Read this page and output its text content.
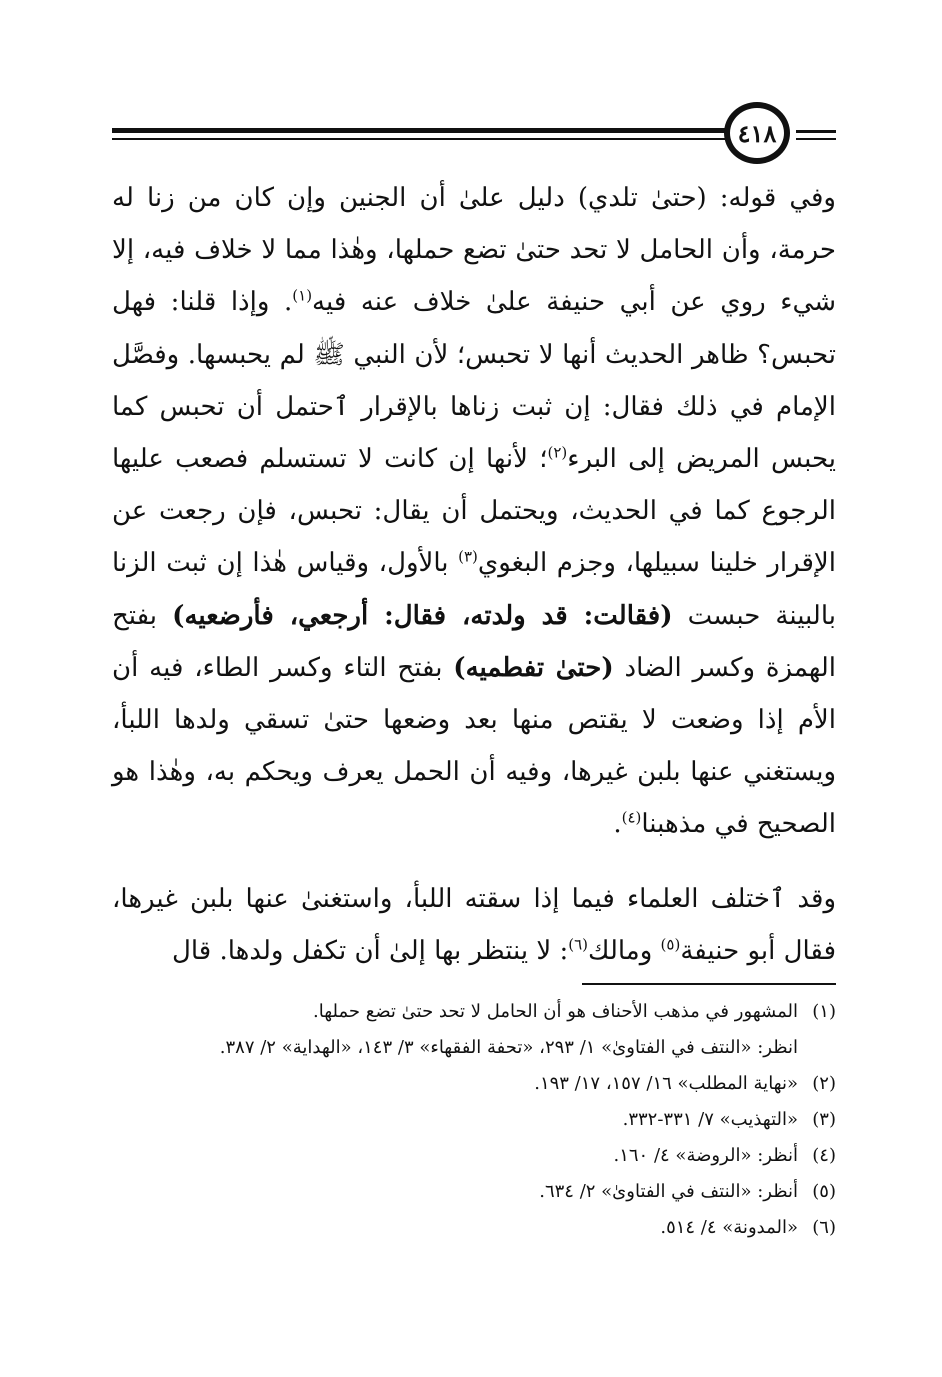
٤١٨

وفي قوله: (حتىٰ تلدي) دليل علىٰ أن الجنين وإن كان من زنا له حرمة، وأن الحامل لا تحد حتىٰ تضع حملها، وهٰذا مما لا خلاف فيه، إلا شيء روي عن أبي حنيفة علىٰ خلاف عنه فيه$^{(١)}$. وإذا قلنا: فهل تحبس؟ ظاهر الحديث أنها لا تحبس؛ لأن النبي ﷺ لم يحبسها. وفصَّل الإمام في ذلك فقال: إن ثبت زناها بالإقرار ٱحتمل أن تحبس كما يحبس المريض إلى البرء$^{(٢)}$؛ لأنها إن كانت لا تستسلم فصعب عليها الرجوع كما في الحديث، ويحتمل أن يقال: تحبس، فإن رجعت عن الإقرار خلينا سبيلها، وجزم البغوي$^{(٣)}$ بالأول، وقياس هٰذا إن ثبت الزنا بالبينة حبست (فقالت: قد ولدته، فقال: أرجعي، فأرضعيه) بفتح الهمزة وكسر الضاد (حتىٰ تفطميه) بفتح التاء وكسر الطاء، فيه أن الأم إذا وضعت لا يقتص منها بعد وضعها حتىٰ تسقي ولدها اللبأ، ويستغني عنها بلبن غيرها، وفيه أن الحمل يعرف ويحكم به، وهٰذا هو الصحيح في مذهبنا$^{(٤)}$.

وقد ٱختلف العلماء فيما إذا سقته اللبأ، واستغنىٰ عنها بلبن غيرها، فقال أبو حنيفة$^{(٥)}$ ومالك$^{(٦)}$: لا ينتظر بها إلىٰ أن تكفل ولدها. قال

(١)
المشهور في مذهب الأحناف هو أن الحامل لا تحد حتىٰ تضع حملها.
انظر: «النتف في الفتاوىٰ» ١/ ٢٩٣، «تحفة الفقهاء» ٣/ ١٤٣، «الهداية» ٢/ ٣٨٧.
(٢)
«نهاية المطلب» ١٦/ ١٥٧، ١٧/ ١٩٣.
(٣)
«التهذيب» ٧/ ٣٣١-٣٣٢.
(٤)
أنظر: «الروضة» ٤/ ١٦٠.
(٥)
أنظر: «النتف في الفتاوىٰ» ٢/ ٦٣٤.
(٦)
«المدونة» ٤/ ٥١٤.
